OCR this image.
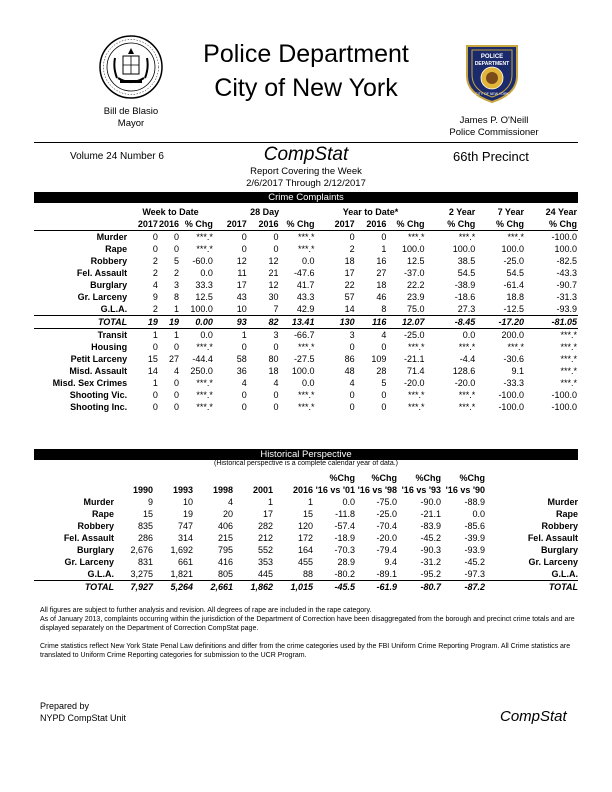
POLICE
DEPARTMENT
CITY OF NEW YORK
Police Department
City of New York
Bill de Blasio
Mayor	James P. O'Neill
Police Commissioner
Volume 24 Number 6	CompStat	66th Precinct
Report Covering the Week
2/6/2017 Through 2/12/2017
Crime Complaints
	Week to Date			28 Day			Year to Date*			2 Year	7 Year	24 Year
	2017	2016	% Chg	2017	2016	% Chg	2017	2016	% Chg	% Chg	% Chg	% Chg
Murder	0	0	***.*	0	0	***.*	0	0	***.*	***.*	***.*	-100.0
Rape	0	0	***.*	0	0	***.*	2	1	100.0	100.0	100.0	100.0
Robbery	2	5	-60.0	12	12	0.0	18	16	12.5	38.5	-25.0	-82.5
Fel. Assault	2	2	0.0	11	21	-47.6	17	27	-37.0	54.5	54.5	-43.3
Burglary	4	3	33.3	17	12	41.7	22	18	22.2	-38.9	-61.4	-90.7
Gr. Larceny	9	8	12.5	43	30	43.3	57	46	23.9	-18.6	18.8	-31.3
G.L.A.	2	1	100.0	10	7	42.9	14	8	75.0	27.3	-12.5	-93.9
TOTAL	19	19	0.00	93	82	13.41	130	116	12.07	-8.45	-17.20	-81.05
Transit	1	1	0.0	1	3	-66.7	3	4	-25.0	0.0	200.0	***.*
Housing	0	0	***.*	0	0	***.*	0	0	***.*	***.*	***.*	***.*
Petit Larceny	15	27	-44.4	58	80	-27.5	86	109	-21.1	-4.4	-30.6	***.*
Misd. Assault	14	4	250.0	36	18	100.0	48	28	71.4	128.6	9.1	***.*
Misd. Sex Crimes	1	0	***.*	4	4	0.0	4	5	-20.0	-20.0	-33.3	***.*
Shooting Vic.	0	0	***.*	0	0	***.*	0	0	***.*	***.*	-100.0	-100.0
Shooting Inc.	0	0	***.*	0	0	***.*	0	0	***.*	***.*	-100.0	-100.0
Historical Perspective
(Historical perspective is a complete calendar year of data.)
						%Chg	%Chg	%Chg	%Chg	
	1990	1993	1998	2001	2016	'16 vs '01	'16 vs '98	'16 vs '93	'16 vs '90	
Murder	9	10	4	1	1	0.0	-75.0	-90.0	-88.9	Murder
Rape	15	19	20	17	15	-11.8	-25.0	-21.1	0.0	Rape
Robbery	835	747	406	282	120	-57.4	-70.4	-83.9	-85.6	Robbery
Fel. Assault	286	314	215	212	172	-18.9	-20.0	-45.2	-39.9	Fel. Assault
Burglary	2,676	1,692	795	552	164	-70.3	-79.4	-90.3	-93.9	Burglary
Gr. Larceny	831	661	416	353	455	28.9	9.4	-31.2	-45.2	Gr. Larceny
G.L.A.	3,275	1,821	805	445	88	-80.2	-89.1	-95.2	-97.3	G.L.A.
TOTAL	7,927	5,264	2,661	1,862	1,015	-45.5	-61.9	-80.7	-87.2	TOTAL
All figures are subject to further analysis and revision. All degrees of rape are included in the rape category.
As of January 2013, complaints occurring within the jurisdiction of the Department of Correction have been disaggregated from the borough and precinct crime totals and are displayed separately on the Department of Correction CompStat page.
Crime statistics reflect New York State Penal Law definitions and differ from the crime categories used by the FBI Uniform Crime Reporting Program. All Crime statistics are translated to Uniform Crime Reporting categories for submission to the UCR Program.
Prepared by
NYPD CompStat Unit	CompStat
